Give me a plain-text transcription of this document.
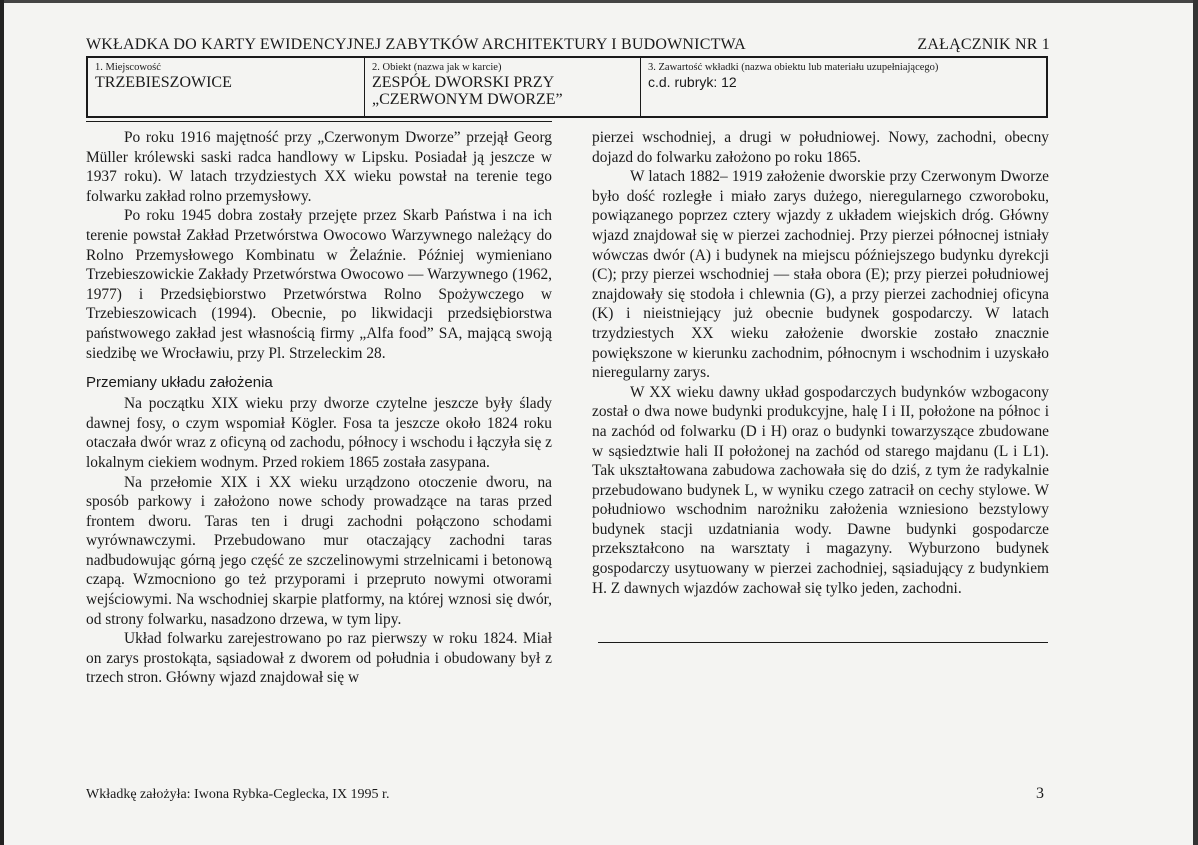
WKŁADKA DO KARTY EWIDENCYJNEJ ZABYTKÓW ARCHITEKTURY I BUDOWNICTWA	ZAŁĄCZNIK NR 1
1. Miejscowość
TRZEBIESZOWICE
2. Obiekt (nazwa jak w karcie)
ZESPÓŁ DWORSKI PRZY „CZERWONYM DWORZE”
3. Zawartość wkładki (nazwa obiektu lub materiału uzupełniającego)
c.d. rubryk: 12

Po roku 1916 majętność przy „Czerwonym Dworze” przejął Georg Müller królewski saski radca handlowy w Lipsku. Posiadał ją jeszcze w 1937 roku). W latach trzydziestych XX wieku powstał na terenie tego folwarku zakład rolno przemysłowy.

Po roku 1945 dobra zostały przejęte przez Skarb Państwa i na ich terenie powstał Zakład Przetwórstwa Owocowo Warzywnego należący do Rolno Przemysłowego Kombinatu w Żelaźnie. Później wymieniano Trzebieszowickie Zakłady Przetwórstwa Owocowo — Warzywnego (1962, 1977) i Przedsiębiorstwo Przetwórstwa Rolno Spożywczego w Trzebieszowicach (1994). Obecnie, po likwidacji przedsiębiorstwa państwowego zakład jest własnością firmy „Alfa food” SA, mającą swoją siedzibę we Wrocławiu, przy Pl. Strzeleckim 28.

Przemiany układu założenia

Na początku XIX wieku przy dworze czytelne jeszcze były ślady dawnej fosy, o czym wspomiał Kögler. Fosa ta jeszcze około 1824 roku otaczała dwór wraz z oficyną od zachodu, północy i wschodu i łączyła się z lokalnym ciekiem wodnym. Przed rokiem 1865 została zasypana.

Na przełomie XIX i XX wieku urządzono otoczenie dworu, na sposób parkowy i założono nowe schody prowadzące na taras przed frontem dworu. Taras ten i drugi zachodni połączono schodami wyrównawczymi. Przebudowano mur otaczający zachodni taras nadbudowując górną jego część ze szczelinowymi strzelnicami i betonową czapą. Wzmocniono go też przyporami i przepruto nowymi otworami wejściowymi. Na wschodniej skarpie platformy, na której wznosi się dwór, od strony folwarku, nasadzono drzewa, w tym lipy.

Układ folwarku zarejestrowano po raz pierwszy w roku 1824. Miał on zarys prostokąta, sąsiadował z dworem od południa i obudowany był z trzech stron. Główny wjazd znajdował się w

pierzei wschodniej, a drugi w południowej. Nowy, zachodni, obecny dojazd do folwarku założono po roku 1865.

W latach 1882– 1919 założenie dworskie przy Czerwonym Dworze było dość rozległe i miało zarys dużego, nieregularnego czworoboku, powiązanego poprzez cztery wjazdy z układem wiejskich dróg. Główny wjazd znajdował się w pierzei zachodniej. Przy pierzei północnej istniały wówczas dwór (A) i budynek na miejscu późniejszego budynku dyrekcji (C); przy pierzei wschodniej — stała obora (E); przy pierzei południowej znajdowały się stodoła i chlewnia (G), a przy pierzei zachodniej oficyna (K) i nieistniejący już obecnie budynek gospodarczy. W latach trzydziestych XX wieku założenie dworskie zostało znacznie powiększone w kierunku zachodnim, północnym i wschodnim i uzyskało nieregularny zarys.

W XX wieku dawny układ gospodarczych budynków wzbogacony został o dwa nowe budynki produkcyjne, halę I i II, położone na północ i na zachód od folwarku (D i H) oraz o budynki towarzyszące zbudowane w sąsiedztwie hali II położonej na zachód od starego majdanu (L i L1). Tak ukształtowana zabudowa zachowała się do dziś, z tym że radykalnie przebudowano budynek L, w wyniku czego zatracił on cechy stylowe. W południowo wschodnim narożniku założenia wzniesiono bezstylowy budynek stacji uzdatniania wody. Dawne budynki gospodarcze przekształcono na warsztaty i magazyny. Wyburzono budynek gospodarczy usytuowany w pierzei zachodniej, sąsiadujący z budynkiem H. Z dawnych wjazdów zachował się tylko jeden, zachodni.

Wkładkę założyła: Iwona Rybka-Ceglecka, IX 1995 r.	3
